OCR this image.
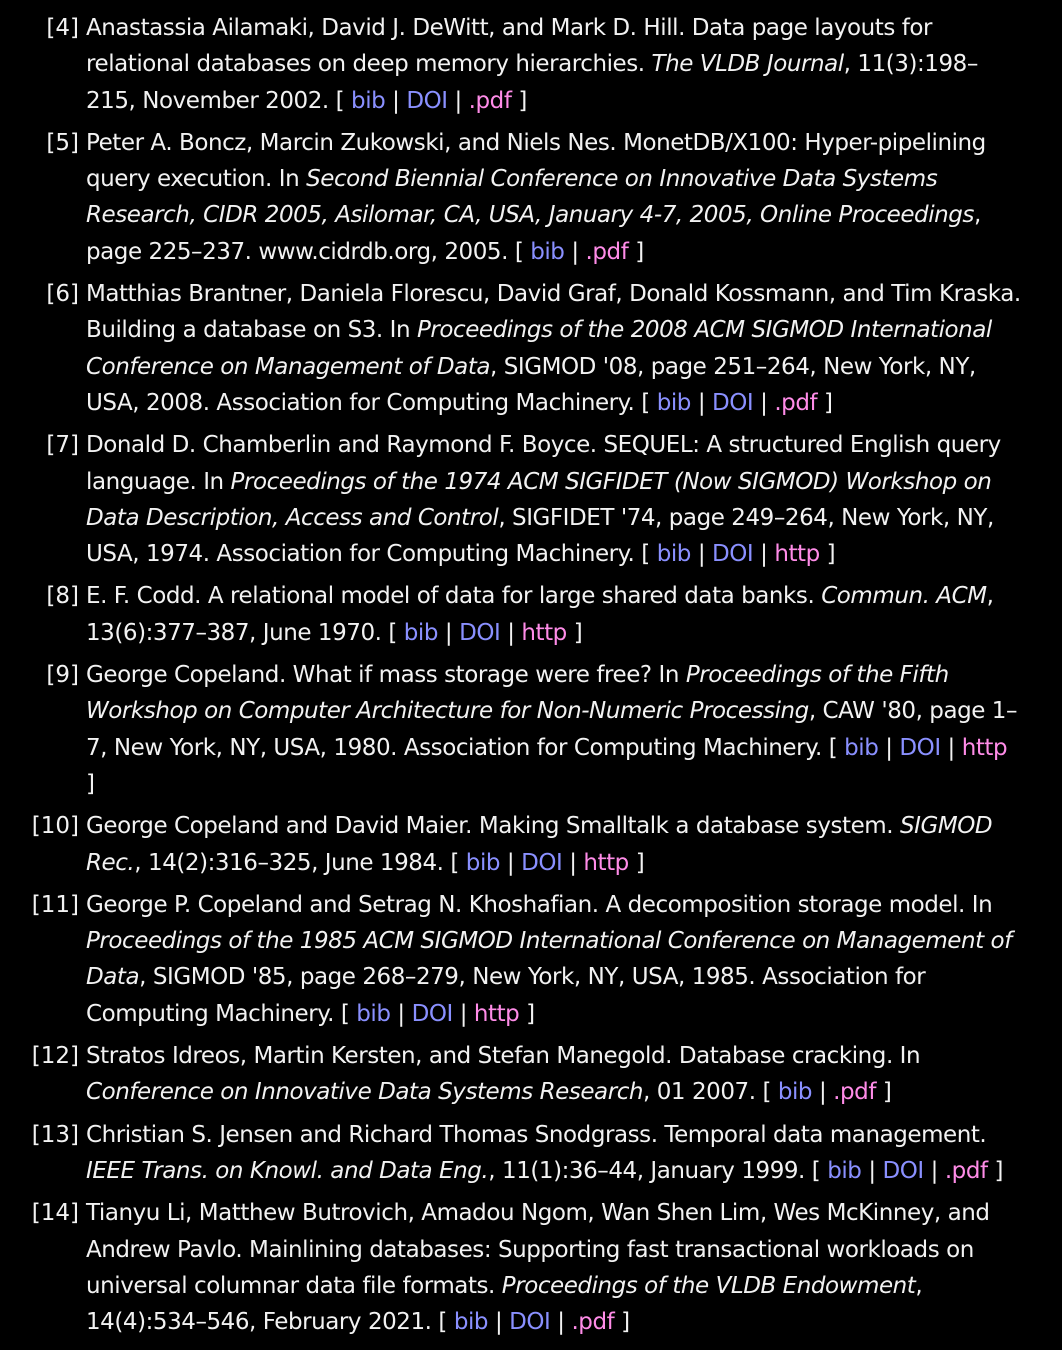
[4] Anastassia Ailamaki, David J. DeWitt, and Mark D. Hill. Data page layouts for relational databases on deep memory hierarchies. The VLDB Journal, 11(3):198–215, November 2002. [ bib | DOI | .pdf ]
[5] Peter A. Boncz, Marcin Zukowski, and Niels Nes. MonetDB/X100: Hyper-pipelining query execution. In Second Biennial Conference on Innovative Data Systems Research, CIDR 2005, Asilomar, CA, USA, January 4-7, 2005, Online Proceedings, page 225–237. www.cidrdb.org, 2005. [ bib | .pdf ]
[6] Matthias Brantner, Daniela Florescu, David Graf, Donald Kossmann, and Tim Kraska. Building a database on S3. In Proceedings of the 2008 ACM SIGMOD International Conference on Management of Data, SIGMOD '08, page 251–264, New York, NY, USA, 2008. Association for Computing Machinery. [ bib | DOI | .pdf ]
[7] Donald D. Chamberlin and Raymond F. Boyce. SEQUEL: A structured English query language. In Proceedings of the 1974 ACM SIGFIDET (Now SIGMOD) Workshop on Data Description, Access and Control, SIGFIDET '74, page 249–264, New York, NY, USA, 1974. Association for Computing Machinery. [ bib | DOI | http ]
[8] E. F. Codd. A relational model of data for large shared data banks. Commun. ACM, 13(6):377–387, June 1970. [ bib | DOI | http ]
[9] George Copeland. What if mass storage were free? In Proceedings of the Fifth Workshop on Computer Architecture for Non-Numeric Processing, CAW '80, page 1–7, New York, NY, USA, 1980. Association for Computing Machinery. [ bib | DOI | http ]
[10] George Copeland and David Maier. Making Smalltalk a database system. SIGMOD Rec., 14(2):316–325, June 1984. [ bib | DOI | http ]
[11] George P. Copeland and Setrag N. Khoshafian. A decomposition storage model. In Proceedings of the 1985 ACM SIGMOD International Conference on Management of Data, SIGMOD '85, page 268–279, New York, NY, USA, 1985. Association for Computing Machinery. [ bib | DOI | http ]
[12] Stratos Idreos, Martin Kersten, and Stefan Manegold. Database cracking. In Conference on Innovative Data Systems Research, 01 2007. [ bib | .pdf ]
[13] Christian S. Jensen and Richard Thomas Snodgrass. Temporal data management. IEEE Trans. on Knowl. and Data Eng., 11(1):36–44, January 1999. [ bib | DOI | .pdf ]
[14] Tianyu Li, Matthew Butrovich, Amadou Ngom, Wan Shen Lim, Wes McKinney, and Andrew Pavlo. Mainlining databases: Supporting fast transactional workloads on universal columnar data file formats. Proceedings of the VLDB Endowment, 14(4):534–546, February 2021. [ bib | DOI | .pdf ]
